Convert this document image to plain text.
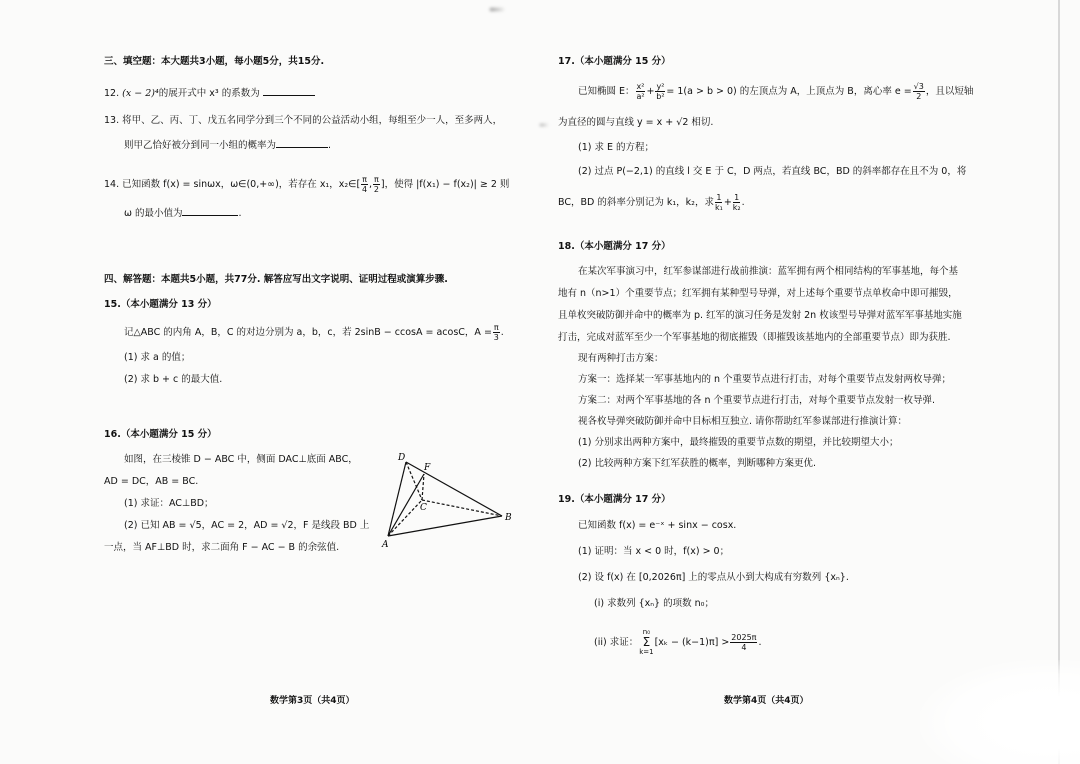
三、填空题：本大题共3小题，每小题5分，共15分.
12. (x − 2)⁴的展开式中 x³ 的系数为
13. 将甲、乙、丙、丁、戊五名同学分到三个不同的公益活动小组，每组至少一人，至多两人，
则甲乙恰好被分到同一小组的概率为	.
14. 已知函数 f(x) = sinωx，ω∈(0,+∞)，若存在 x₁，x₂∈[ $\frac{\pi}{4}$ , $\frac{\pi}{2}$ ]，使得 |f(x₁) − f(x₂)| ≥ 2 则
ω 的最小值为	.
四、解答题：本题共5小题，共77分. 解答应写出文字说明、证明过程或演算步骤.
15.（本小题满分 13 分）
记△ABC 的内角 A，B，C 的对边分别为 a，b，c，若 2sinB − ccosA = acosC，$A = \frac{\pi}{3}$ .
(1) 求 a 的值；
(2) 求 b + c 的最大值.
16.（本小题满分 15 分）
如图，在三棱锥 D − ABC 中，侧面 DAC⊥底面 ABC，
AD = DC，AB = BC.
(1) 求证：AC⊥BD；
(2) 已知 AB = √5，AC = 2，AD = √2，F 是线段 BD 上
一点，当 AF⊥BD 时，求二面角 F − AC − B 的余弦值.
D
F
C
B
A
数学第3页（共4页）
17.（本小题满分 15 分）
已知椭圆 E： $\frac{\text{x²}}{\text{a²}} + \frac{\text{y²}}{\text{b²}} = 1(a > b > 0)$ 的左顶点为 A，上顶点为 B，离心率 $e = \frac{√3}{2}$ ，且以短轴
为直径的圆与直线 y = x + √2 相切.
(1) 求 E 的方程；
(2) 过点 P(−2,1) 的直线 l 交 E 于 C，D 两点，若直线 BC，BD 的斜率都存在且不为 0，将
BC，BD 的斜率分别记为 k₁，k₂，求 $\frac{1}{\text{k₁}} + \frac{1}{\text{k₂}}$ .
18.（本小题满分 17 分）
在某次军事演习中，红军参谋部进行战前推演：蓝军拥有两个相同结构的军事基地，每个基
地有 n（n>1）个重要节点；红军拥有某种型号导弹，对上述每个重要节点单枚命中即可摧毁，
且单枚突破防御并命中的概率为 p. 红军的演习任务是发射 2n 枚该型号导弹对蓝军军事基地实施
打击，完成对蓝军至少一个军事基地的彻底摧毁（即摧毁该基地内的全部重要节点）即为获胜.
现有两种打击方案：
方案一：选择某一军事基地内的 n 个重要节点进行打击，对每个重要节点发射两枚导弹；
方案二：对两个军事基地的各 n 个重要节点进行打击，对每个重要节点发射一枚导弹.
视各枚导弹突破防御并命中目标相互独立. 请你帮助红军参谋部进行推演计算：
(1) 分别求出两种方案中，最终摧毁的重要节点数的期望，并比较期望大小；
(2) 比较两种方案下红军获胜的概率，判断哪种方案更优.
19.（本小题满分 17 分）
已知函数 f(x) = e⁻ˣ + sinx − cosx.
(1) 证明：当 x < 0 时，f(x) > 0；
(2) 设 f(x) 在 [0,2026π] 上的零点从小到大构成有穷数列 {xₙ}.
(i) 求数列 {xₙ} 的项数 n₀；
(ii) 求证：
n₀
Σ
k=1
$[x_k - (k-1)\pi] > \frac{2025\pi}{4}$ .
数学第4页（共4页）
